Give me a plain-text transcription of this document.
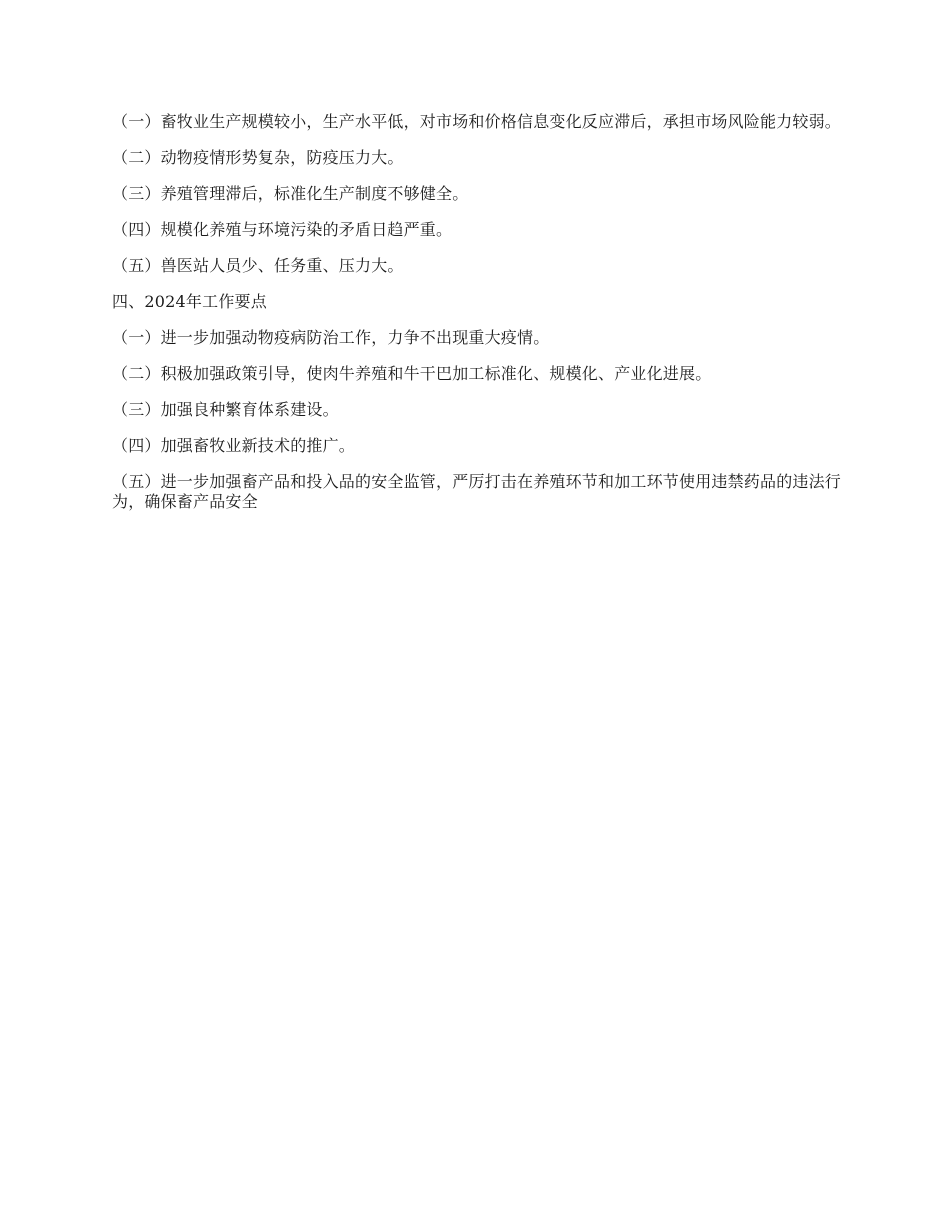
（一）畜牧业生产规模较小，生产水平低，对市场和价格信息变化反应滞后，承担市场风险能力较弱。

（二）动物疫情形势复杂，防疫压力大。

（三）养殖管理滞后，标准化生产制度不够健全。

（四）规模化养殖与环境污染的矛盾日趋严重。

（五）兽医站人员少、任务重、压力大。

四、2024年工作要点

（一）进一步加强动物疫病防治工作，力争不出现重大疫情。

（二）积极加强政策引导，使肉牛养殖和牛干巴加工标准化、规模化、产业化进展。

（三）加强良种繁育体系建设。

（四）加强畜牧业新技术的推广。

（五）进一步加强畜产品和投入品的安全监管，严厉打击在养殖环节和加工环节使用违禁药品的违法行为，确保畜产品安全
